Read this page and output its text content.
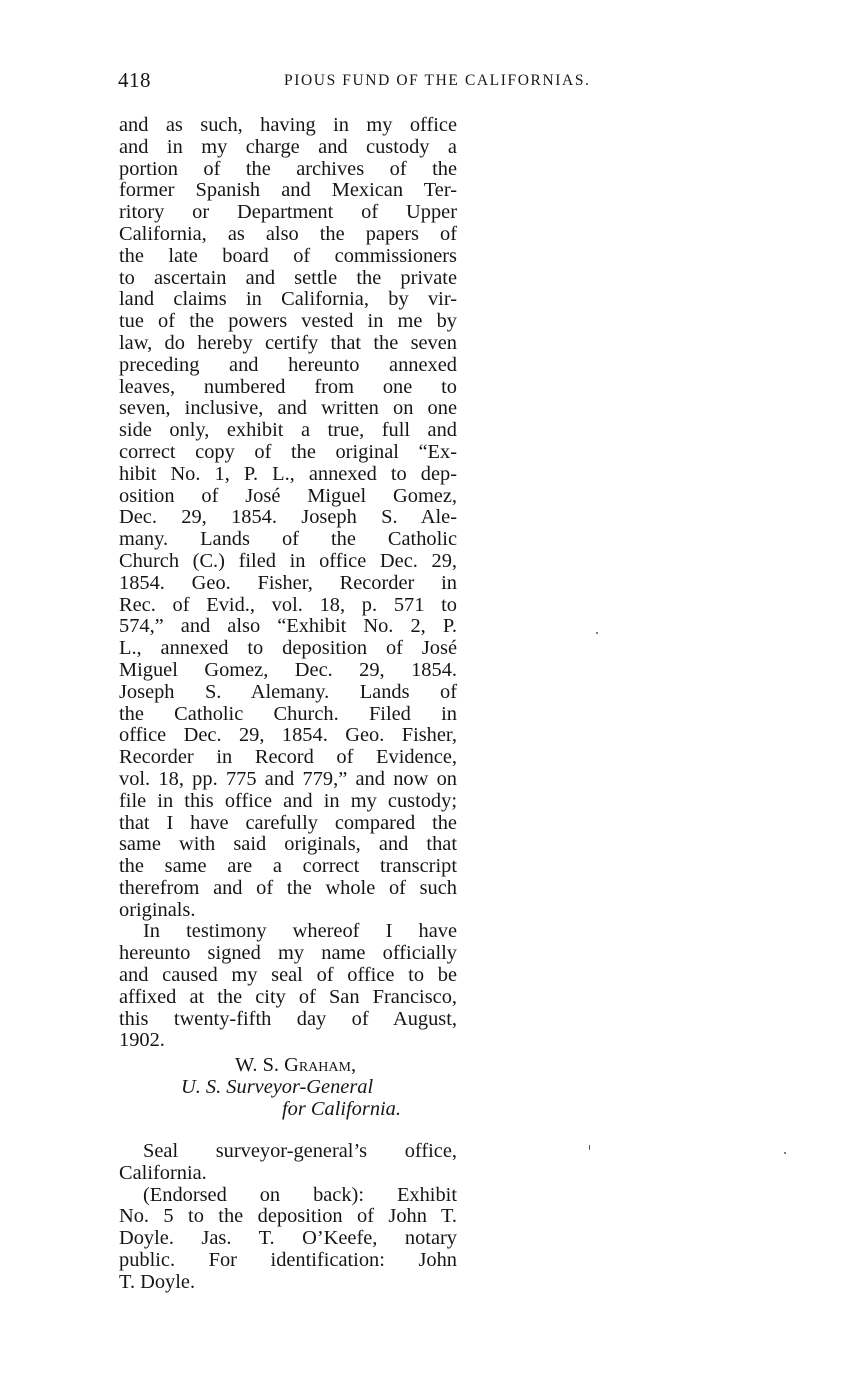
418	PIOUS FUND OF THE CALIFORNIAS.
and as such, having in my office
and in my charge and custody a
portion of the archives of the
former Spanish and Mexican Ter-
ritory or Department of Upper
California, as also the papers of
the late board of commissioners
to ascertain and settle the private
land claims in California, by vir-
tue of the powers vested in me by
law, do hereby certify that the seven
preceding and hereunto annexed
leaves, numbered from one to
seven, inclusive, and written on one
side only, exhibit a true, full and
correct copy of the original “Ex-
hibit No. 1, P. L., annexed to dep-
osition of José Miguel Gomez,
Dec. 29, 1854. Joseph S. Ale-
many. Lands of the Catholic
Church (C.) filed in office Dec. 29,
1854. Geo. Fisher, Recorder in
Rec. of Evid., vol. 18, p. 571 to
574,” and also “Exhibit No. 2, P.
L., annexed to deposition of José
Miguel Gomez, Dec. 29, 1854.
Joseph S. Alemany. Lands of
the Catholic Church. Filed in
office Dec. 29, 1854. Geo. Fisher,
Recorder in Record of Evidence,
vol. 18, pp. 775 and 779,” and now on
file in this office and in my custody;
that I have carefully compared the
same with said originals, and that
the same are a correct transcript
therefrom and of the whole of such
originals.
In testimony whereof I have
hereunto signed my name officially
and caused my seal of office to be
affixed at the city of San Francisco,
this twenty-fifth day of August,
1902.
W. S. Graham,
U. S. Surveyor-General
for California.
Seal surveyor-general’s office,
California.
(Endorsed on back): Exhibit
No. 5 to the deposition of John T.
Doyle. Jas. T. O’Keefe, notary
public. For identification: John
T. Doyle.
